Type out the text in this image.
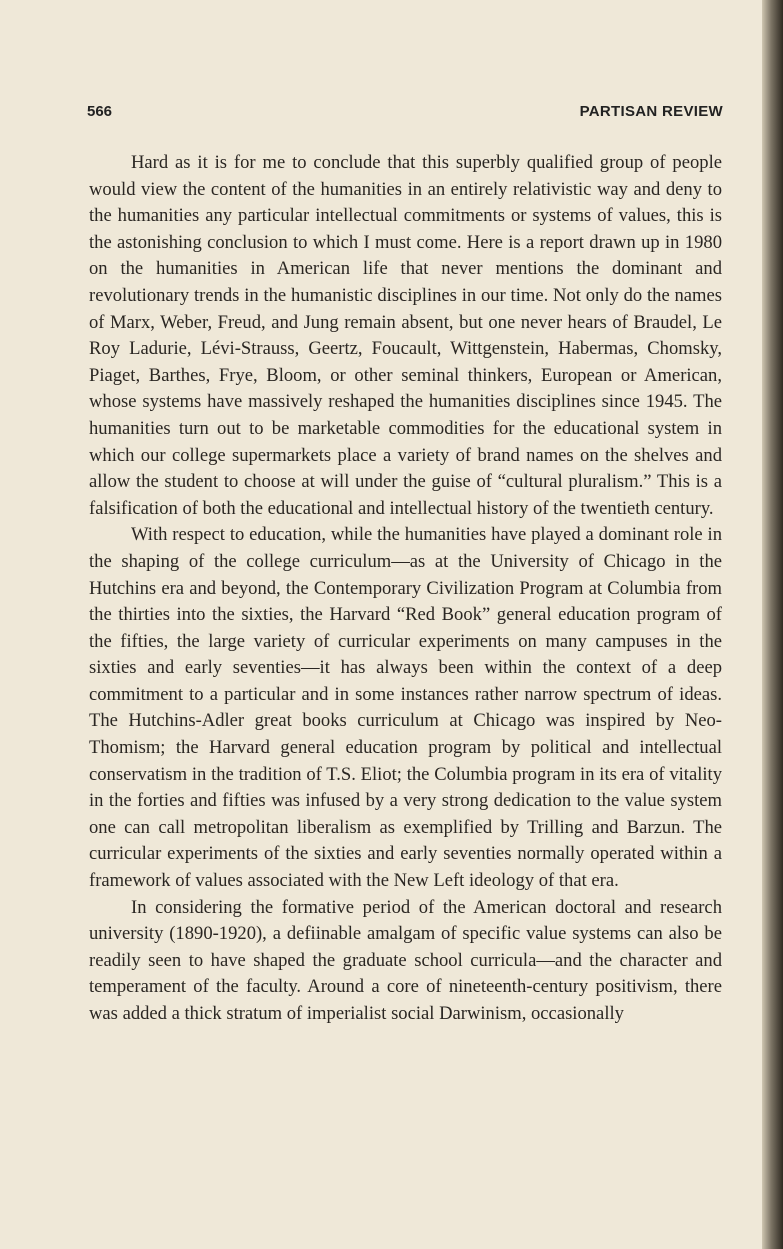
566	PARTISAN REVIEW

Hard as it is for me to conclude that this superbly qualified group of people would view the content of the humanities in an entirely relativistic way and deny to the humanities any particular intellectual commitments or systems of values, this is the astonishing conclusion to which I must come. Here is a report drawn up in 1980 on the humanities in American life that never mentions the dominant and revolutionary trends in the humanistic disciplines in our time. Not only do the names of Marx, Weber, Freud, and Jung remain absent, but one never hears of Braudel, Le Roy Ladurie, Lévi-Strauss, Geertz, Foucault, Wittgenstein, Habermas, Chomsky, Piaget, Barthes, Frye, Bloom, or other seminal thinkers, European or American, whose systems have massively reshaped the humanities disciplines since 1945. The humanities turn out to be marketable commodities for the educational system in which our college supermarkets place a variety of brand names on the shelves and allow the student to choose at will under the guise of “cultural pluralism.” This is a falsification of both the educational and intellectual history of the twentieth century.

With respect to education, while the humanities have played a dominant role in the shaping of the college curriculum—as at the University of Chicago in the Hutchins era and beyond, the Contemporary Civilization Program at Columbia from the thirties into the sixties, the Harvard “Red Book” general education program of the fifties, the large variety of curricular experiments on many campuses in the sixties and early seventies—it has always been within the context of a deep commitment to a particular and in some instances rather narrow spectrum of ideas. The Hutchins-Adler great books curriculum at Chicago was inspired by Neo-Thomism; the Harvard general education program by political and intellectual conservatism in the tradition of T.S. Eliot; the Columbia program in its era of vitality in the forties and fifties was infused by a very strong dedication to the value system one can call metropolitan liberalism as exemplified by Trilling and Barzun. The curricular experiments of the sixties and early seventies normally operated within a framework of values associated with the New Left ideology of that era.

In considering the formative period of the American doctoral and research university (1890-1920), a defiinable amalgam of specific value systems can also be readily seen to have shaped the graduate school curricula—and the character and temperament of the faculty. Around a core of nineteenth-century positivism, there was added a thick stratum of imperialist social Darwinism, occasionally
